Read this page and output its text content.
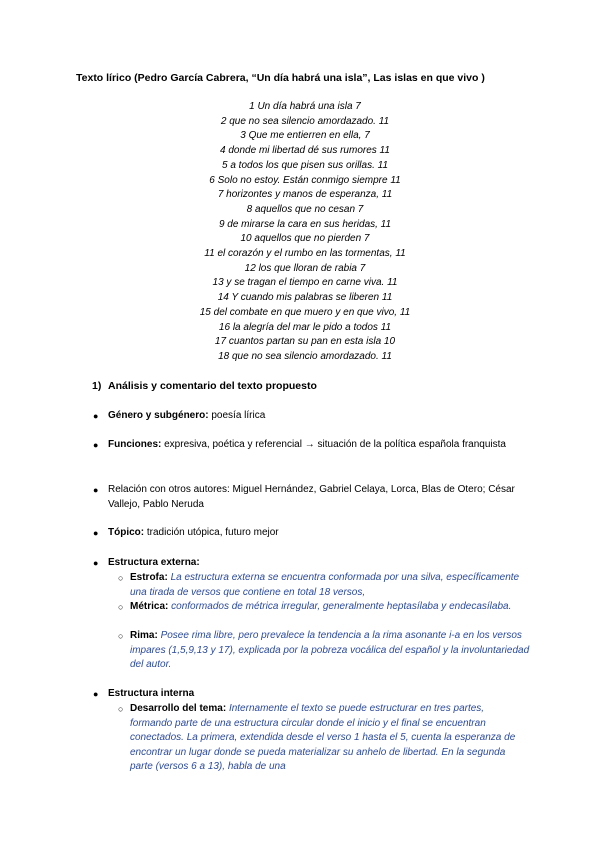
Texto lírico (Pedro García Cabrera, “Un día habrá una isla”, Las islas en que vivo )
1 Un día habrá una isla 7
2 que no sea silencio amordazado. 11
3 Que me entierren en ella, 7
4 donde mi libertad dé sus rumores 11
5 a todos los que pisen sus orillas. 11
6 Solo no estoy. Están conmigo siempre 11
7 horizontes y manos de esperanza, 11
8 aquellos que no cesan 7
9 de mirarse la cara en sus heridas, 11
10 aquellos que no pierden 7
11 el corazón y el rumbo en las tormentas, 11
12 los que lloran de rabia 7
13 y se tragan el tiempo en carne viva. 11
14 Y cuando mis palabras se liberen 11
15 del combate en que muero y en que vivo, 11
16 la alegría del mar le pido a todos 11
17 cuantos partan su pan en esta isla 10
18 que no sea silencio amordazado. 11
1) Análisis y comentario del texto propuesto
● Género y subgénero: poesía lírica
● Funciones: expresiva, poética y referencial → situación de la política española franquista
● Relación con otros autores: Miguel Hernández, Gabriel Celaya, Lorca, Blas de Otero; César Vallejo, Pablo Neruda
● Tópico: tradición utópica, futuro mejor
● Estructura externa:
○ Estrofa: La estructura externa se encuentra conformada por una silva, específicamente una tirada de versos que contiene en total 18 versos,
○ Métrica: conformados de métrica irregular, generalmente heptasílaba y endecasílaba.
○ Rima: Posee rima libre, pero prevalece la tendencia a la rima asonante i-a en los versos impares (1,5,9,13 y 17), explicada por la pobreza vocálica del español y la involuntariedad del autor.
● Estructura interna
○ Desarrollo del tema: Internamente el texto se puede estructurar en tres partes, formando parte de una estructura circular donde el inicio y el final se encuentran conectados. La primera, extendida desde el verso 1 hasta el 5, cuenta la esperanza de encontrar un lugar donde se pueda materializar su anhelo de libertad. En la segunda parte (versos 6 a 13), habla de una
